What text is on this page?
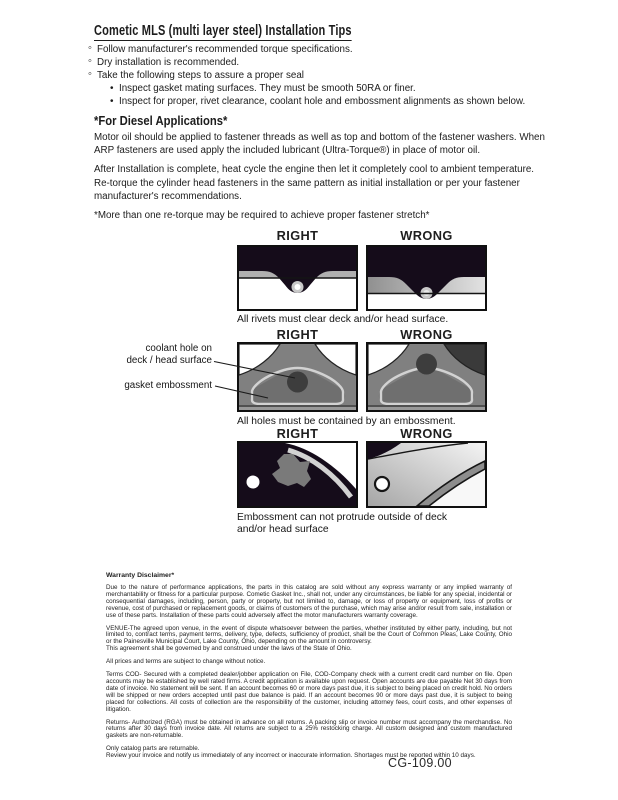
Cometic MLS (multi layer steel) Installation Tips
◦ Follow manufacturer's recommended torque specifications.
◦ Dry installation is recommended.
◦ Take the following steps to assure a proper seal
• Inspect gasket mating surfaces. They must be smooth 50RA or finer.
• Inspect for proper, rivet clearance, coolant hole and embossment alignments as shown below.
*For Diesel Applications*

Motor oil should be applied to fastener threads as well as top and bottom of the fastener washers. When ARP fasteners are used apply the included lubricant (Ultra-Torque®) in place of motor oil.

After Installation is complete, heat cycle the engine then let it completely cool to ambient temperature. Re-torque the cylinder head fasteners in the same pattern as initial installation or per your fastener manufacturer's recommendations.

*More than one re-torque may be required to achieve proper fastener stretch*

RIGHT	WRONG
All rivets must clear deck and/or head surface.
RIGHT	WRONG
All holes must be contained by an embossment.
coolant hole on
deck / head surface
gasket embossment
RIGHT	WRONG
Embossment can not protrude outside of deck and/or head surface

Warranty Disclaimer*

Due to the nature of performance applications, the parts in this catalog are sold without any express warranty or any implied warranty of merchantability or fitness for a particular purpose. Cometic Gasket Inc., shall not, under any circumstances, be liable for any special, incidental or consequential damages, including, person, party or property, but not limited to, damage, or loss of property or equipment, loss of profits or revenue, cost of purchased or replacement goods, or claims of customers of the purchase, which may arise and/or result from sale, installation or use of these parts. Installation of these parts could adversely affect the motor manufacturers warranty coverage.

VENUE-The agreed upon venue, in the event of dispute whatsoever between the parties, whether instituted by either party, including, but not limited to, contract terms, payment terms, delivery, type, defects, sufficiency of product, shall be the Court of Common Pleas, Lake County, Ohio or the Painesville Municipal Court, Lake County, Ohio, depending on the amount in controversy.

This agreement shall be governed by and construed under the laws of the State of Ohio.

All prices and terms are subject to change without notice.

Terms COD- Secured with a completed dealer/jobber application on File, COD-Company check with a current credit card number on file. Open accounts may be established by well rated firms. A credit application is available upon request. Open accounts are due payable Net 30 days from date of invoice. No statement will be sent. If an account becomes 60 or more days past due, it is subject to being placed on credit hold. No orders will be shipped or new orders accepted until past due balance is paid. If an account becomes 90 or more days past due, it is subject to being placed for collections. All costs of collection are the responsibility of the customer, including attorney fees, court costs, and other expenses of litigation.

Returns- Authorized (RGA) must be obtained in advance on all returns. A packing slip or invoice number must accompany the merchandise. No returns after 30 days from invoice date. All returns are subject to a 25% restocking charge. All custom designed and custom manufactured gaskets are non-returnable.

Only catalog parts are returnable.

Review your invoice and notify us immediately of any incorrect or inaccurate information. Shortages must be reported within 10 days.

CG-109.00
